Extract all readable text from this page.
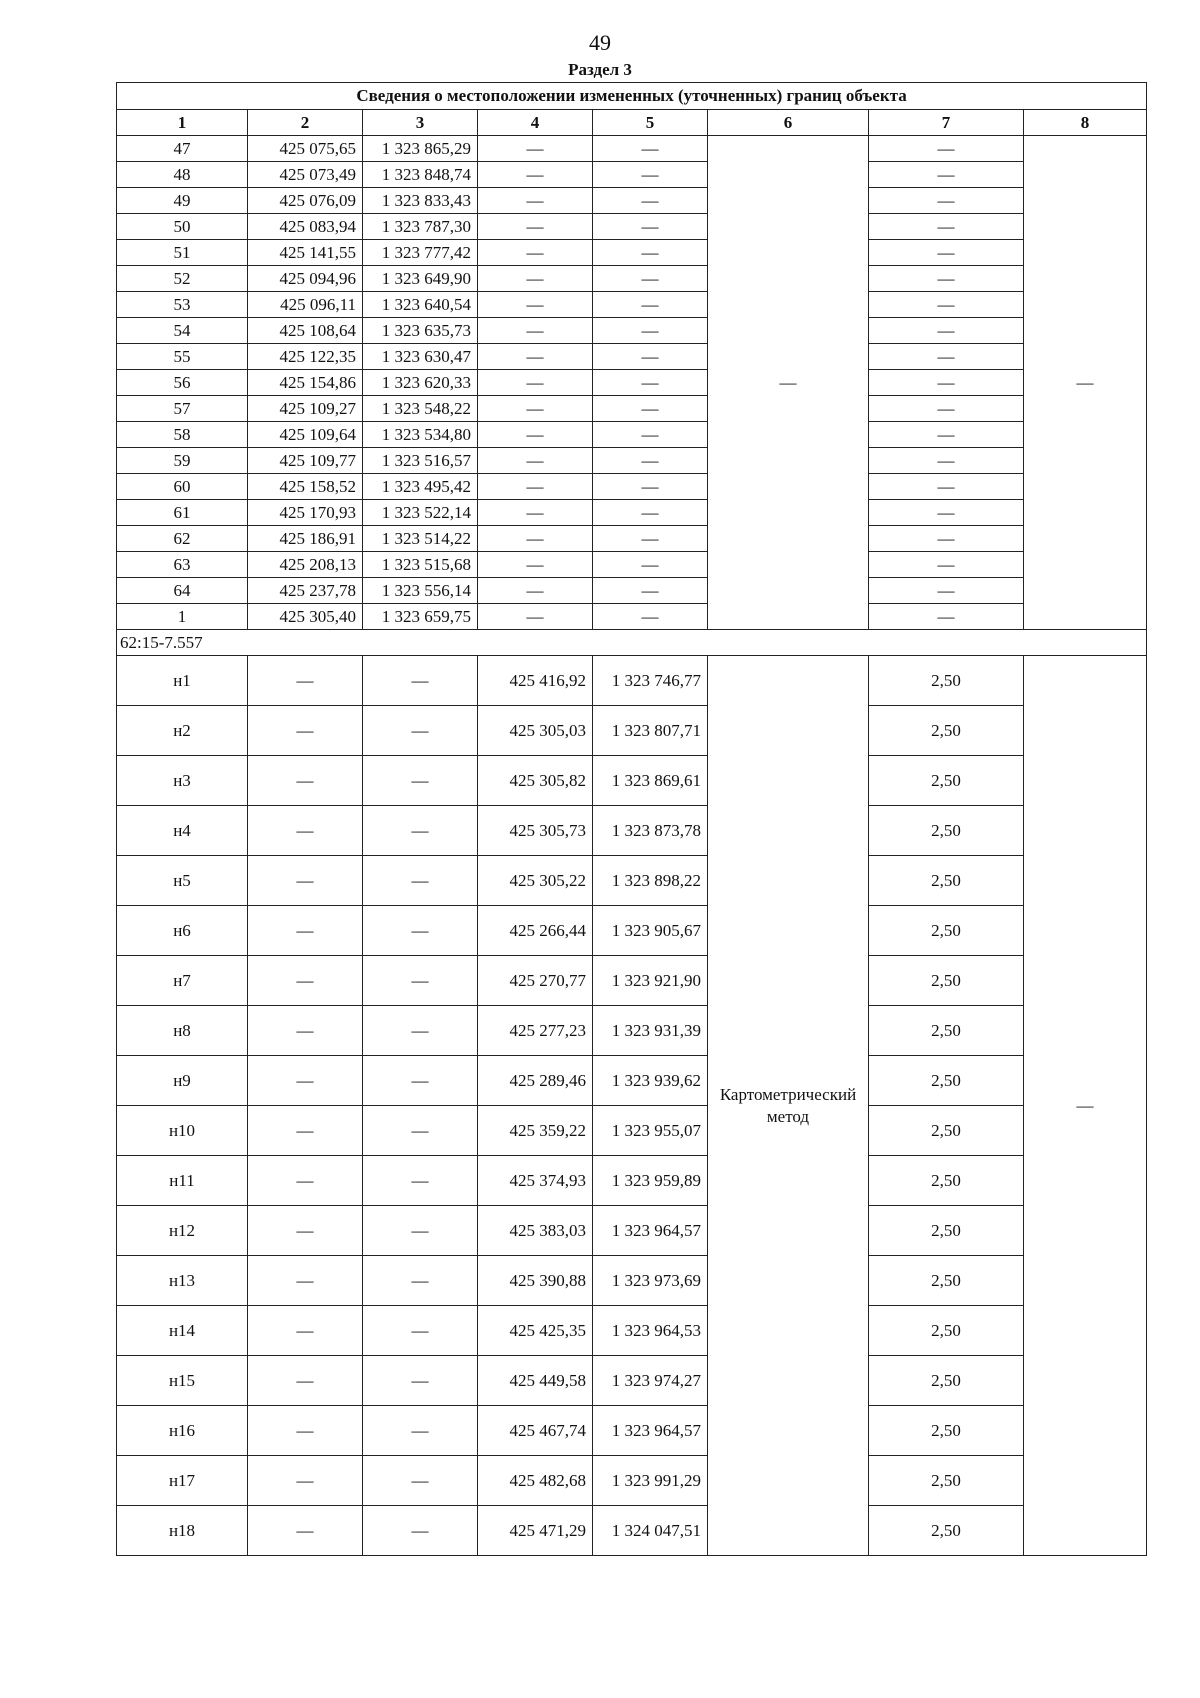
49
Раздел 3
Сведения о местоположении измененных (уточненных) границ объекта							
1	2	3	4	5	6	7	8
47	425 075,65	1 323 865,29	—	—	—	—	—
48	425 073,49	1 323 848,74	—	—		—	
49	425 076,09	1 323 833,43	—	—		—	
50	425 083,94	1 323 787,30	—	—		—	
51	425 141,55	1 323 777,42	—	—		—	
52	425 094,96	1 323 649,90	—	—		—	
53	425 096,11	1 323 640,54	—	—		—	
54	425 108,64	1 323 635,73	—	—		—	
55	425 122,35	1 323 630,47	—	—		—	
56	425 154,86	1 323 620,33	—	—		—	
57	425 109,27	1 323 548,22	—	—		—	
58	425 109,64	1 323 534,80	—	—		—	
59	425 109,77	1 323 516,57	—	—		—	
60	425 158,52	1 323 495,42	—	—		—	
61	425 170,93	1 323 522,14	—	—		—	
62	425 186,91	1 323 514,22	—	—		—	
63	425 208,13	1 323 515,68	—	—		—	
64	425 237,78	1 323 556,14	—	—		—	
1	425 305,40	1 323 659,75	—	—		—	
62:15-7.557							
н1	—	—	425 416,92	1 323 746,77	Картометрический метод	2,50	—
н2	—	—	425 305,03	1 323 807,71		2,50	
н3	—	—	425 305,82	1 323 869,61		2,50	
н4	—	—	425 305,73	1 323 873,78		2,50	
н5	—	—	425 305,22	1 323 898,22		2,50	
н6	—	—	425 266,44	1 323 905,67		2,50	
н7	—	—	425 270,77	1 323 921,90		2,50	
н8	—	—	425 277,23	1 323 931,39		2,50	
н9	—	—	425 289,46	1 323 939,62		2,50	
н10	—	—	425 359,22	1 323 955,07		2,50	
н11	—	—	425 374,93	1 323 959,89		2,50	
н12	—	—	425 383,03	1 323 964,57		2,50	
н13	—	—	425 390,88	1 323 973,69		2,50	
н14	—	—	425 425,35	1 323 964,53		2,50	
н15	—	—	425 449,58	1 323 974,27		2,50	
н16	—	—	425 467,74	1 323 964,57		2,50	
н17	—	—	425 482,68	1 323 991,29		2,50	
н18	—	—	425 471,29	1 324 047,51		2,50	
